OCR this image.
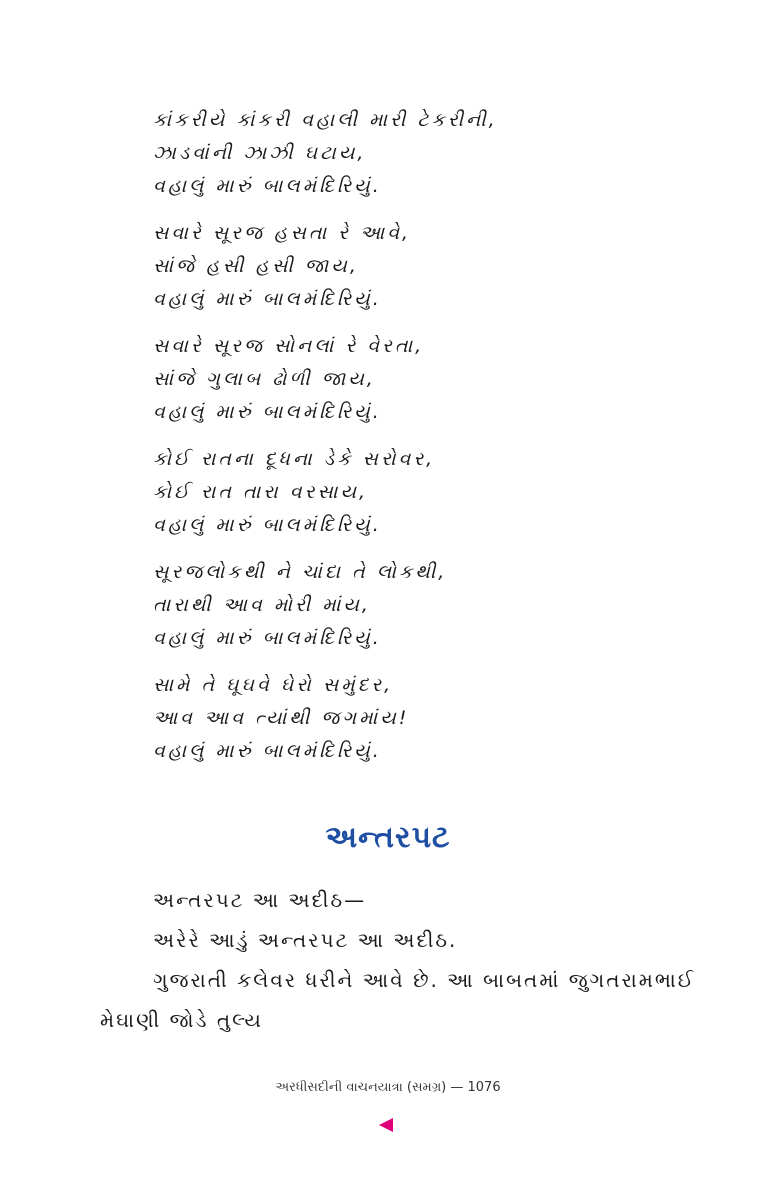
કાંકરીયે કાંકરી વહાલી મારી ટેકરીની,
ઝાડવાંની ઝાઝી ઘટાય,
વહાલું મારું બાલમંદિરિયું.
સવારે સૂરજ હસતા રે આવે,
સાંજે હસી હસી જાય,
વહાલું મારું બાલમંદિરિયું.
સવારે સૂરજ સોનલાં રે વેરતા,
સાંજે ગુલાબ ઢોળી જાય,
વહાલું મારું બાલમંદિરિયું.
કોઈ રાતના દૂધના ડેકે સરોવર,
કોઈ રાત તારા વરસાય,
વહાલું મારું બાલમંદિરિયું.
સૂરજલોકથી ને ચાંદા તે લોકથી,
તારાથી આવ મોરી માંય,
વહાલું મારું બાલમંદિરિયું.
સામે તે ઘૂઘવે ઘેરો સમુંદર,
આવ આવ ત્યાંથી જગમાંય!
વહાલું મારું બાલમંદિરિયું.
અન્તરપટ
અન્તરપટ આ અદીઠ—
અરેરે આડું અન્તરપટ આ અદીઠ.
ગુજરાતી કલેવર ધરીને આવે છે. આ બાબતમાં જુગતરામભાઈ
મેઘાણી જોડે તુલ્ય
અરધીસદીની વાચનયાત્રા (સમગ્ર) — 1076
